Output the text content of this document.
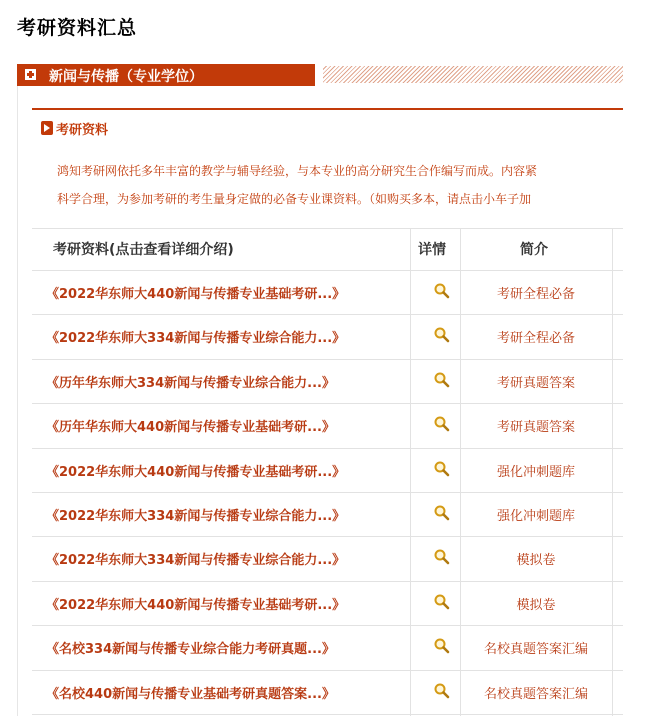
考研资料汇总
新闻与传播（专业学位）
考研资料
鸿知考研网依托多年丰富的教学与辅导经验，与本专业的高分研究生合作编写而成。内容紧
科学合理，为参加考研的考生量身定做的必备专业课资料。（如购买多本，请点击小车子加
考研资料(点击查看详细介绍)	详情	简介
《2022华东师大440新闻与传播专业基础考研...》	考研全程必备
《2022华东师大334新闻与传播专业综合能力...》	考研全程必备
《历年华东师大334新闻与传播专业综合能力...》	考研真题答案
《历年华东师大440新闻与传播专业基础考研...》	考研真题答案
《2022华东师大440新闻与传播专业基础考研...》	强化冲刺题库
《2022华东师大334新闻与传播专业综合能力...》	强化冲刺题库
《2022华东师大334新闻与传播专业综合能力...》	模拟卷
《2022华东师大440新闻与传播专业基础考研...》	模拟卷
《名校334新闻与传播专业综合能力考研真题...》	名校真题答案汇编
《名校440新闻与传播专业基础考研真题答案...》	名校真题答案汇编
